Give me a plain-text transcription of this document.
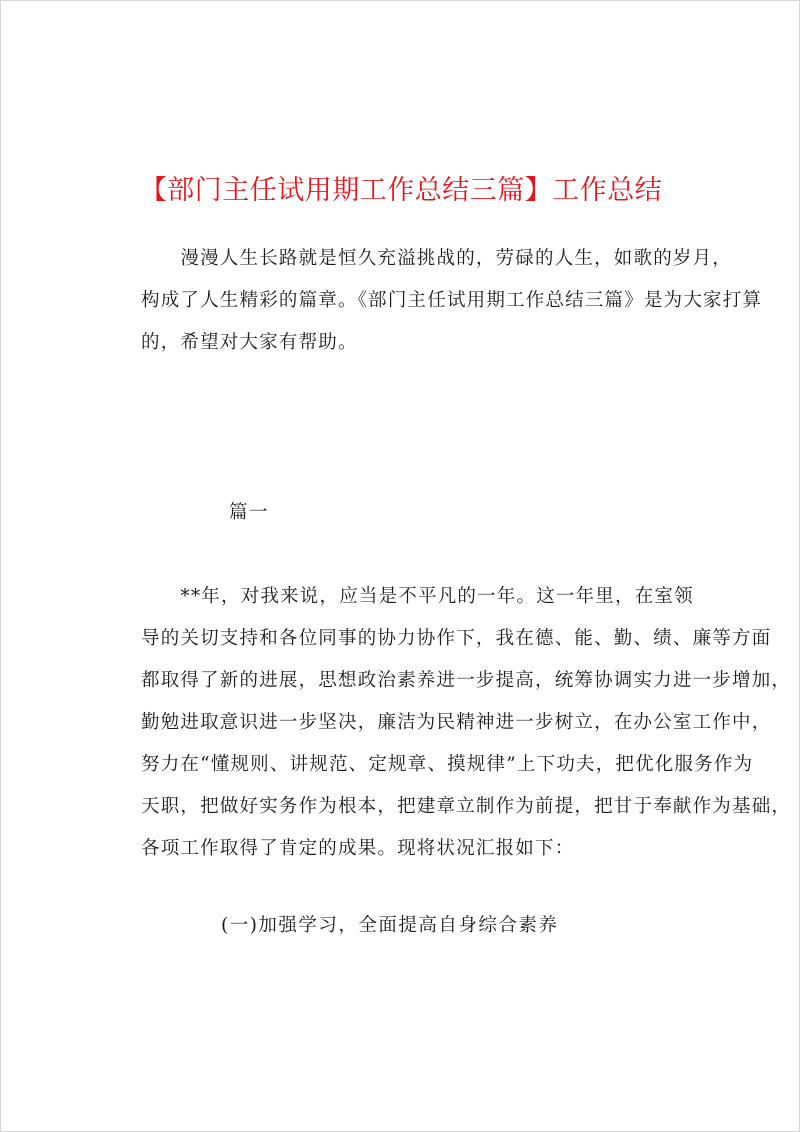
【部门主任试用期工作总结三篇】工作总结
　　漫漫人生长路就是恒久充溢挑战的，劳碌的人生，如歌的岁月，
构成了人生精彩的篇章。《部门主任试用期工作总结三篇》是为大家打算
的，希望对大家有帮助。
篇一
　　**年，对我来说，应当是不平凡的一年。这一年里，在室领
导的关切支持和各位同事的协力协作下，我在德、能、勤、绩、廉等方面
都取得了新的进展，思想政治素养进一步提高，统筹协调实力进一步增加，
勤勉进取意识进一步坚决，廉洁为民精神进一步树立，在办公室工作中，
努力在“懂规则、讲规范、定规章、摸规律”上下功夫，把优化服务作为
天职，把做好实务作为根本，把建章立制作为前提，把甘于奉献作为基础，
各项工作取得了肯定的成果。现将状况汇报如下：
(一)加强学习，全面提高自身综合素养
